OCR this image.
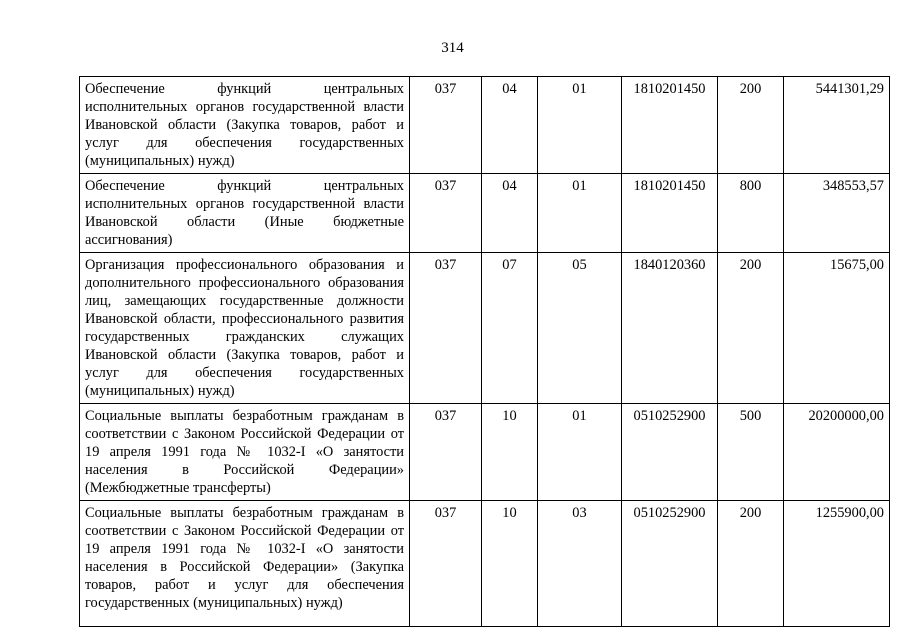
314
Обеспечение функций центральных исполнительных органов государственной власти Ивановской области (Закупка товаров, работ и услуг для обеспечения государственных (муниципальных) нужд)	037	04	01	1810201450	200	5441301,29
Обеспечение функций центральных исполнительных органов государственной власти Ивановской области (Иные бюджетные ассигнования)	037	04	01	1810201450	800	348553,57
Организация профессионального образования и дополнительного профессионального образования лиц, замещающих государственные должности Ивановской области, профессионального развития государственных гражданских служащих Ивановской области (Закупка товаров, работ и услуг для обеспечения государственных (муниципальных) нужд)	037	07	05	1840120360	200	15675,00
Социальные выплаты безработным гражданам в соответствии с Законом Российской Федерации от 19 апреля 1991 года № 1032-I «О занятости населения в Российской Федерации» (Межбюджетные трансферты)	037	10	01	0510252900	500	20200000,00
Социальные выплаты безработным гражданам в соответствии с Законом Российской Федерации от 19 апреля 1991 года № 1032-I «О занятости населения в Российской Федерации» (Закупка товаров, работ и услуг для обеспечения государственных (муниципальных) нужд)	037	10	03	0510252900	200	1255900,00
